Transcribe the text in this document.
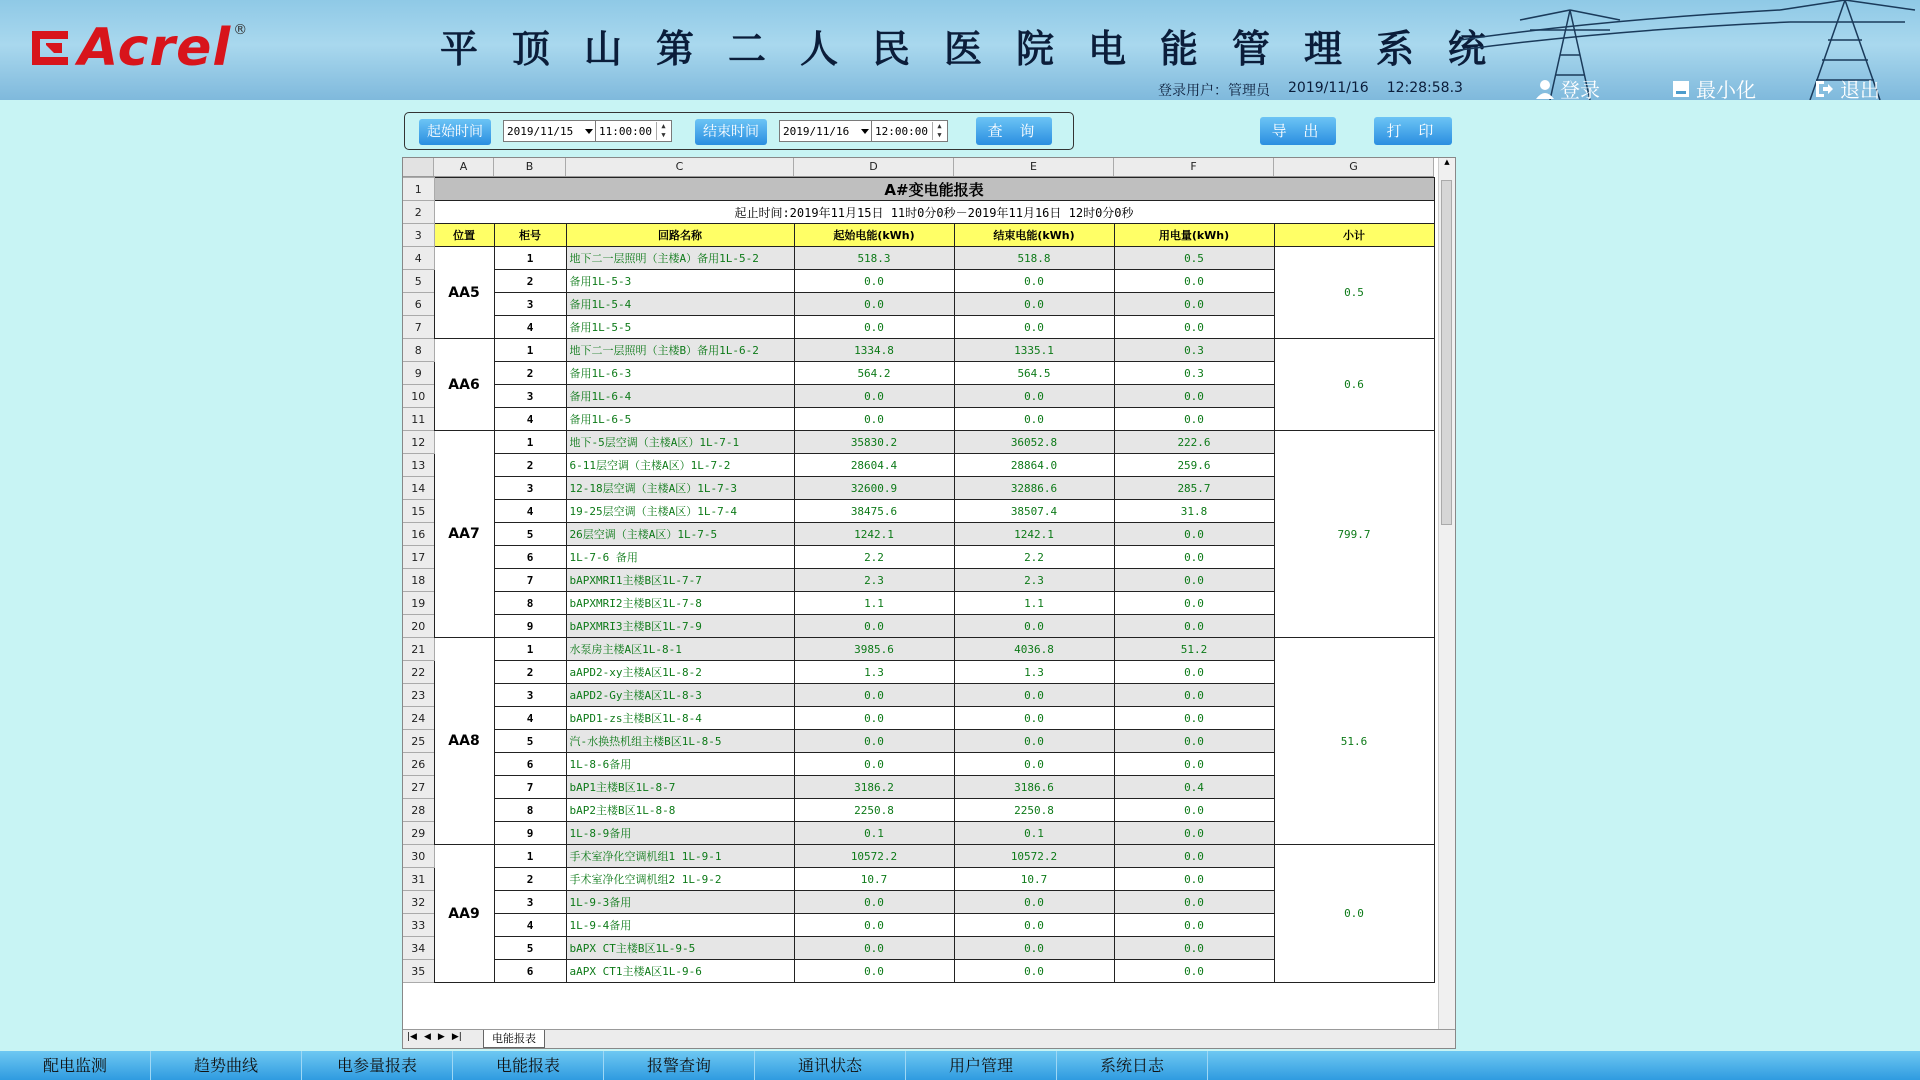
Acrel ®	平顶山第二人民医院电能管理系统
登录用户：管理员 2019/11/16 12:28:58.3	登录	最小化	退出
起始时间	2019/11/15	11:00:00	▲
▼	结束时间	2019/11/16	12:00:00	▲
▼	查 询	导 出	打 印
A	B	C	D	E	F	G
1	A#变电能报表						
2	起止时间:2019年11月15日 11时0分0秒－2019年11月16日 12时0分0秒						
3	位置	柜号	回路名称	起始电能(kWh)	结束电能(kWh)	用电量(kWh)	小计
4	AA5	1	地下二一层照明（主楼A）备用1L-5-2	518.3	518.8	0.5	0.5
5		2	备用1L-5-3	0.0	0.0	0.0	
6		3	备用1L-5-4	0.0	0.0	0.0	
7		4	备用1L-5-5	0.0	0.0	0.0	
8	AA6	1	地下二一层照明（主楼B）备用1L-6-2	1334.8	1335.1	0.3	0.6
9		2	备用1L-6-3	564.2	564.5	0.3	
10		3	备用1L-6-4	0.0	0.0	0.0	
11		4	备用1L-6-5	0.0	0.0	0.0	
12	AA7	1	地下-5层空调（主楼A区）1L-7-1	35830.2	36052.8	222.6	799.7
13		2	6-11层空调（主楼A区）1L-7-2	28604.4	28864.0	259.6	
14		3	12-18层空调（主楼A区）1L-7-3	32600.9	32886.6	285.7	
15		4	19-25层空调（主楼A区）1L-7-4	38475.6	38507.4	31.8	
16		5	26层空调（主楼A区）1L-7-5	1242.1	1242.1	0.0	
17		6	1L-7-6 备用	2.2	2.2	0.0	
18		7	bAPXMRI1主楼B区1L-7-7	2.3	2.3	0.0	
19		8	bAPXMRI2主楼B区1L-7-8	1.1	1.1	0.0	
20		9	bAPXMRI3主楼B区1L-7-9	0.0	0.0	0.0	
21	AA8	1	水泵房主楼A区1L-8-1	3985.6	4036.8	51.2	51.6
22		2	aAPD2-xy主楼A区1L-8-2	1.3	1.3	0.0	
23		3	aAPD2-Gy主楼A区1L-8-3	0.0	0.0	0.0	
24		4	bAPD1-zs主楼B区1L-8-4	0.0	0.0	0.0	
25		5	汽-水换热机组主楼B区1L-8-5	0.0	0.0	0.0	
26		6	1L-8-6备用	0.0	0.0	0.0	
27		7	bAP1主楼B区1L-8-7	3186.2	3186.6	0.4	
28		8	bAP2主楼B区1L-8-8	2250.8	2250.8	0.0	
29		9	1L-8-9备用	0.1	0.1	0.0	
30	AA9	1	手术室净化空调机组1 1L-9-1	10572.2	10572.2	0.0	0.0
31		2	手术室净化空调机组2 1L-9-2	10.7	10.7	0.0	
32		3	1L-9-3备用	0.0	0.0	0.0	
33		4	1L-9-4备用	0.0	0.0	0.0	
34		5	bAPX CT主楼B区1L-9-5	0.0	0.0	0.0	
35		6	aAPX CT1主楼A区1L-9-6	0.0	0.0	0.0	
▲
|◀ ◀ ▶ ▶|	电能报表
配电监测	趋势曲线	电参量报表	电能报表	报警查询	通讯状态	用户管理	系统日志
